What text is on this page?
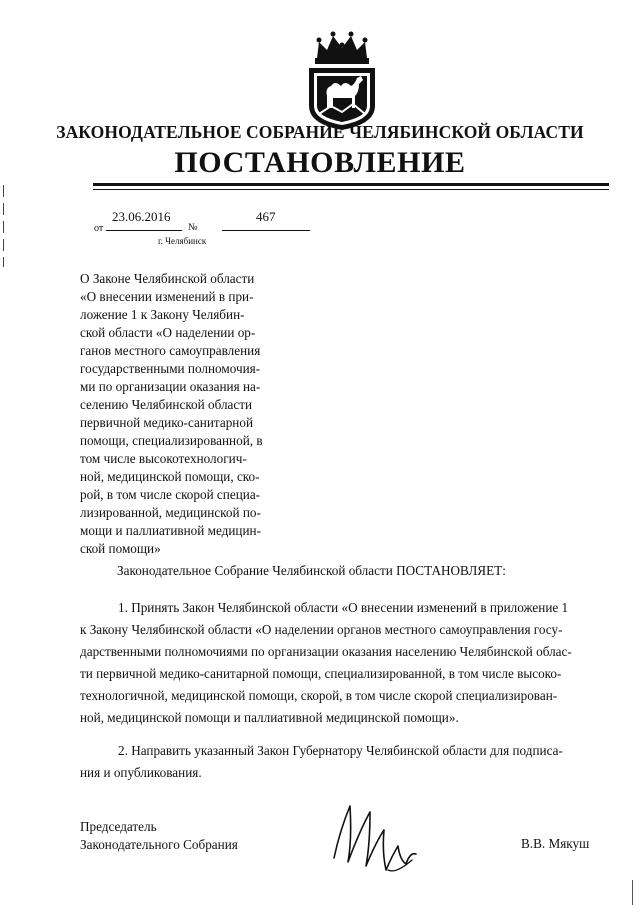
ЗАКОНОДАТЕЛЬНОЕ СОБРАНИЕ ЧЕЛЯБИНСКОЙ ОБЛАСТИ
ПОСТАНОВЛЕНИЕ
23.06.2016	467
от	№
г. Челябинск
О Законе Челябинской области
«О внесении изменений в при-
ложение 1 к Закону Челябин-
ской области «О наделении ор-
ганов местного самоуправления
государственными полномочия-
ми по организации оказания на-
селению Челябинской области
первичной медико-санитарной
помощи, специализированной, в
том числе высокотехнологич-
ной, медицинской помощи, ско-
рой, в том числе скорой специа-
лизированной, медицинской по-
мощи и паллиативной медицин-
ской помощи»
Законодательное Собрание Челябинской области ПОСТАНОВЛЯЕТ:
1. Принять Закон Челябинской области «О внесении изменений в приложение 1
к Закону Челябинской области «О наделении органов местного самоуправления госу-
дарственными полномочиями по организации оказания населению Челябинской облас-
ти первичной медико-санитарной помощи, специализированной, в том числе высоко-
технологичной, медицинской помощи, скорой, в том числе скорой специализирован-
ной, медицинской помощи и паллиативной медицинской помощи».
2. Направить указанный Закон Губернатору Челябинской области для подписа-
ния и опубликования.
Председатель
Законодательного Собрания	В.В. Мякуш
